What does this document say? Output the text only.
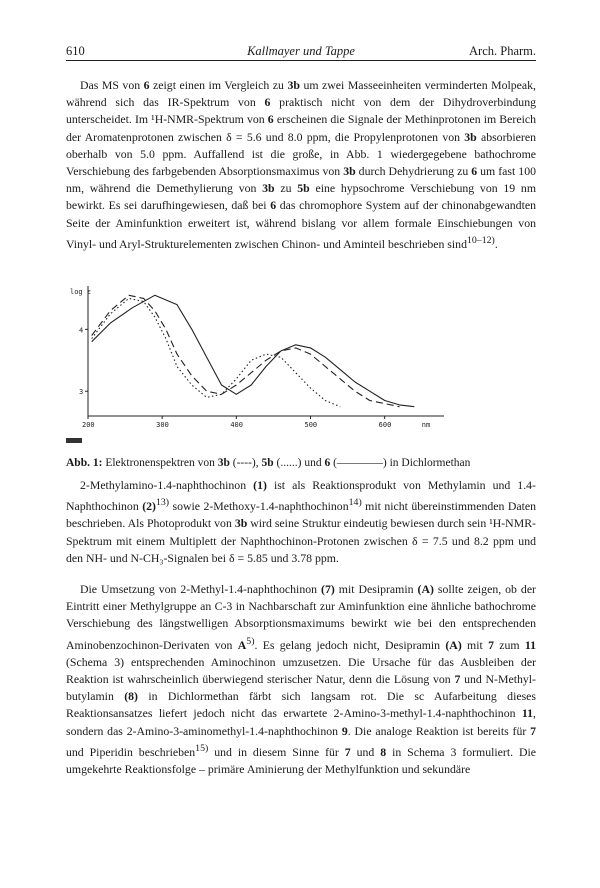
610	Kallmayer und Tappe	Arch. Pharm.
Das MS von 6 zeigt einen im Vergleich zu 3b um zwei Masseeinheiten verminderten Molpeak, während sich das IR-Spektrum von 6 praktisch nicht von dem der Dihydroverbindung unterscheidet. Im ¹H-NMR-Spektrum von 6 erscheinen die Signale der Methinprotonen im Bereich der Aromatenprotonen zwischen δ = 5.6 und 8.0 ppm, die Propylenprotonen von 3b absorbieren oberhalb von 5.0 ppm. Auffallend ist die große, in Abb. 1 wiedergegebene bathochrome Verschiebung des farbgebenden Absorptionsmaximus von 3b durch Dehydrierung zu 6 um fast 100 nm, während die Demethylierung von 3b zu 5b eine hypsochrome Verschiebung von 19 nm bewirkt. Es sei darufhingewiesen, daß bei 6 das chromophore System auf der chinonabgewandten Seite der Aminfunktion erweitert ist, während bislang vor allem formale Einschiebungen von Vinyl- und Aryl-Strukturelementen zwischen Chinon- und Aminteil beschrieben sind$^{10-12)}$.
log ε
3
4
200	300	400	500	600	nm
Abb. 1: Elektronenspektren von 3b (----), 5b (......) und 6 (————) in Dichlormethan
2-Methylamino-1.4-naphthochinon (1) ist als Reaktionsprodukt von Methylamin und 1.4-Naphthochinon $(2)^{13)}$ sowie 2-Methoxy-1.4-naphthochinon$^{14)}$ mit nicht übereinstimmenden Daten beschrieben. Als Photoprodukt von 3b wird seine Struktur eindeutig bewiesen durch sein ¹H-NMR-Spektrum mit einem Multiplett der Naphthochinon-Protonen zwischen δ = 7.5 und 8.2 ppm und den NH- und N-CH₃-Signalen bei δ = 5.85 und 3.78 ppm.
Die Umsetzung von 2-Methyl-1.4-naphthochinon (7) mit Desipramin (A) sollte zeigen, ob der Eintritt einer Methylgruppe an C-3 in Nachbarschaft zur Aminfunktion eine ähnliche bathochrome Verschiebung des längstwelligen Absorptionsmaximums bewirkt wie bei den entsprechenden Aminobenzochinon-Derivaten von $A^{5)}$. Es gelang jedoch nicht, Desipramin (A) mit 7 zum 11 (Schema 3) entsprechenden Aminochinon umzusetzen. Die Ursache für das Ausbleiben der Reaktion ist wahrscheinlich überwiegend sterischer Natur, denn die Lösung von 7 und N-Methyl-butylamin (8) in Dichlormethan färbt sich langsam rot. Die sc Aufarbeitung dieses Reaktionsansatzes liefert jedoch nicht das erwartete 2-Amino-3-methyl-1.4-naphthochinon 11, sondern das 2-Amino-3-aminomethyl-1.4-naphthochinon 9. Die analoge Reaktion ist bereits für 7 und Piperidin beschrieben$^{15)}$ und in diesem Sinne für 7 und 8 in Schema 3 formuliert. Die umgekehrte Reaktionsfolge – primäre Aminierung der Methylfunktion und sekundäre
